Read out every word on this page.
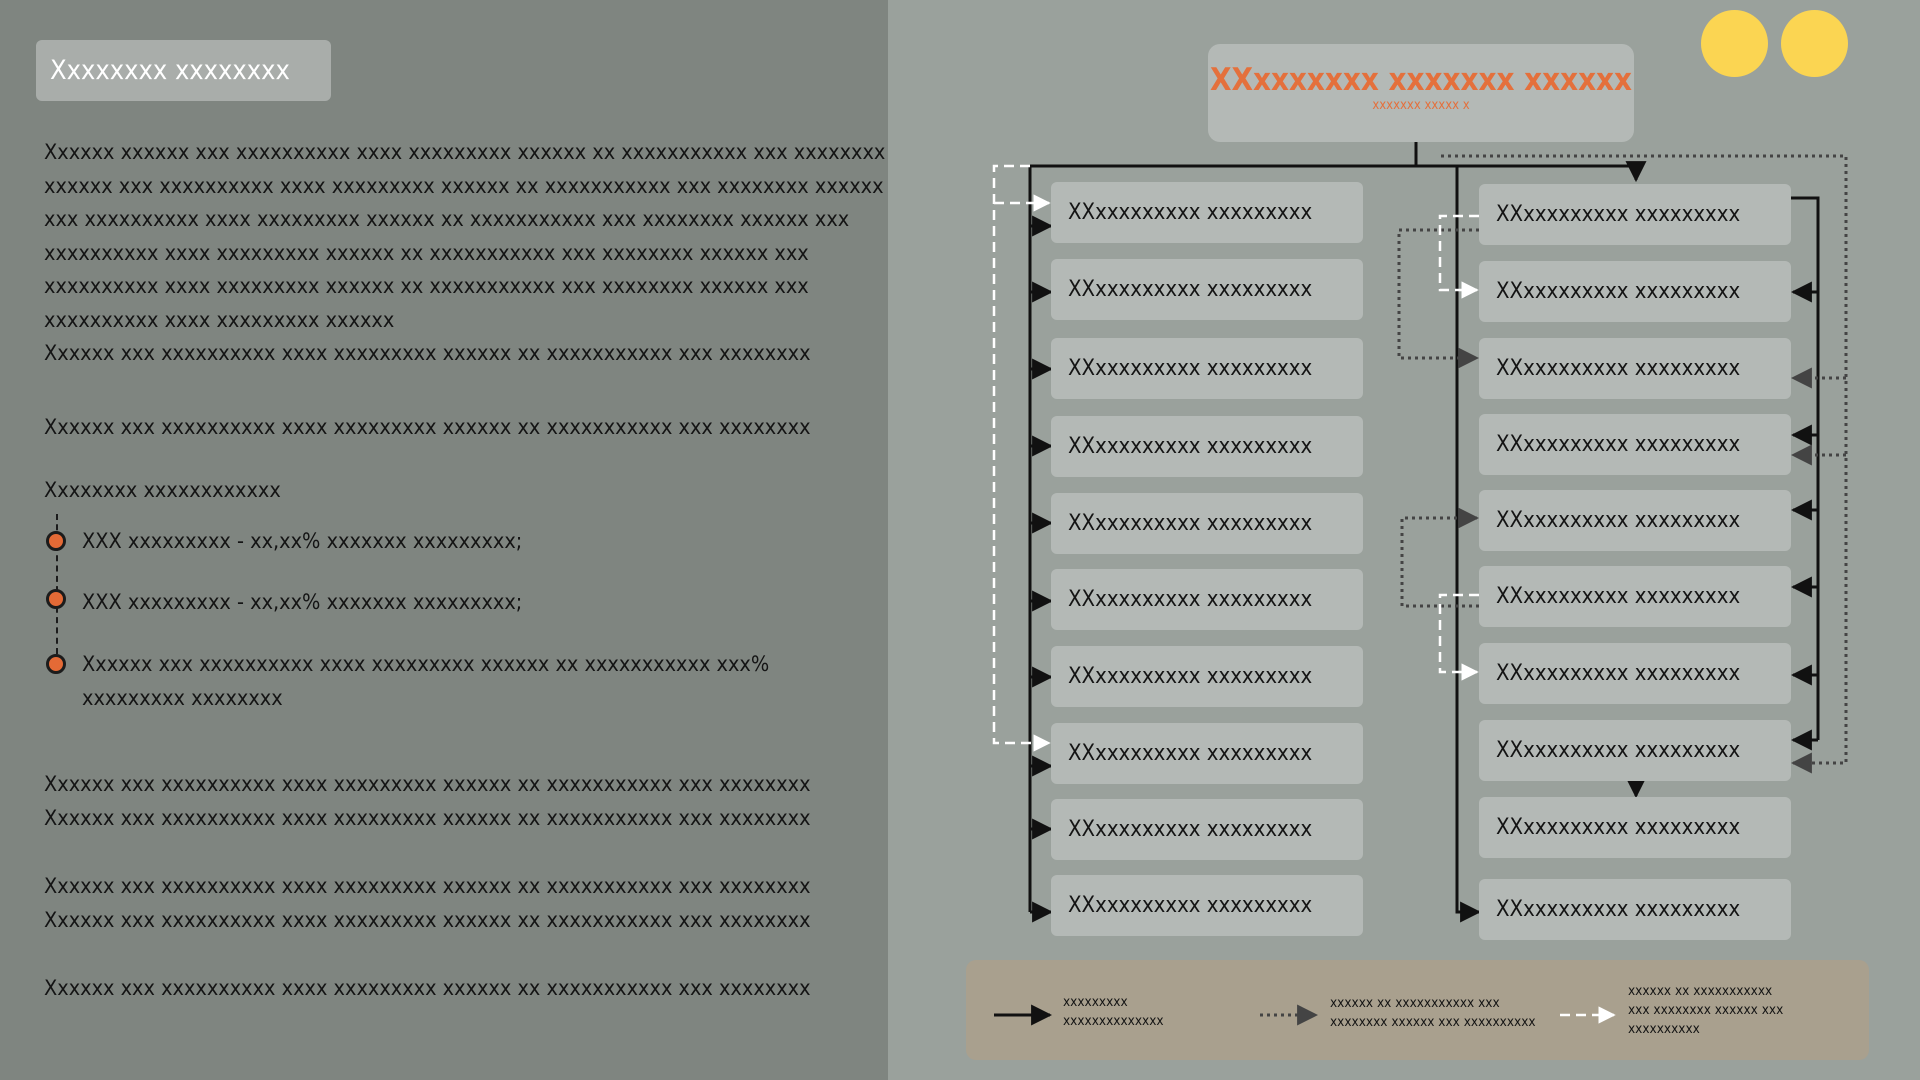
Xxxxxxxx xxxxxxxx
Xxxxxx xxxxxx xxx xxxxxxxxxx xxxx xxxxxxxxx xxxxxx xx xxxxxxxxxxx xxx xxxxxxxx
xxxxxx xxx xxxxxxxxxx xxxx xxxxxxxxx xxxxxx xx xxxxxxxxxxx xxx xxxxxxxx xxxxxx
xxx xxxxxxxxxx xxxx xxxxxxxxx xxxxxx xx xxxxxxxxxxx xxx xxxxxxxx xxxxxx xxx
xxxxxxxxxx xxxx xxxxxxxxx xxxxxx xx xxxxxxxxxxx xxx xxxxxxxx xxxxxx xxx
xxxxxxxxxx xxxx xxxxxxxxx xxxxxx xx xxxxxxxxxxx xxx xxxxxxxx xxxxxx xxx
xxxxxxxxxx xxxx xxxxxxxxx xxxxxx
Xxxxxx xxx xxxxxxxxxx xxxx xxxxxxxxx xxxxxx xx xxxxxxxxxxx xxx xxxxxxxx
Xxxxxx xxx xxxxxxxxxx xxxx xxxxxxxxx xxxxxx xx xxxxxxxxxxx xxx xxxxxxxx
Xxxxxxxx xxxxxxxxxxxx
XXX xxxxxxxxx - xx,xx% xxxxxxx xxxxxxxxx;
XXX xxxxxxxxx - xx,xx% xxxxxxx xxxxxxxxx;
Xxxxxx xxx xxxxxxxxxx xxxx xxxxxxxxx xxxxxx xx xxxxxxxxxxx xxx%
xxxxxxxxx xxxxxxxx
Xxxxxx xxx xxxxxxxxxx xxxx xxxxxxxxx xxxxxx xx xxxxxxxxxxx xxx xxxxxxxx
Xxxxxx xxx xxxxxxxxxx xxxx xxxxxxxxx xxxxxx xx xxxxxxxxxxx xxx xxxxxxxx
Xxxxxx xxx xxxxxxxxxx xxxx xxxxxxxxx xxxxxx xx xxxxxxxxxxx xxx xxxxxxxx
Xxxxxx xxx xxxxxxxxxx xxxx xxxxxxxxx xxxxxx xx xxxxxxxxxxx xxx xxxxxxxx
Xxxxxx xxx xxxxxxxxxx xxxx xxxxxxxxx xxxxxx xx xxxxxxxxxxx xxx xxxxxxxx
XXxxxxxxx xxxxxxx xxxxxx
xxxxxxx xxxxx x
XXxxxxxxxxx xxxxxxxxx
XXxxxxxxxxx xxxxxxxxx
XXxxxxxxxxx xxxxxxxxx
XXxxxxxxxxx xxxxxxxxx
XXxxxxxxxxx xxxxxxxxx
XXxxxxxxxxx xxxxxxxxx
XXxxxxxxxxx xxxxxxxxx
XXxxxxxxxxx xxxxxxxxx
XXxxxxxxxxx xxxxxxxxx
XXxxxxxxxxx xxxxxxxxx
XXxxxxxxxxx xxxxxxxxx
XXxxxxxxxxx xxxxxxxxx
XXxxxxxxxxx xxxxxxxxx
XXxxxxxxxxx xxxxxxxxx
XXxxxxxxxxx xxxxxxxxx
XXxxxxxxxxx xxxxxxxxx
XXxxxxxxxxx xxxxxxxxx
XXxxxxxxxxx xxxxxxxxx
XXxxxxxxxxx xxxxxxxxx
XXxxxxxxxxx xxxxxxxxx
xxxxxxxxx
xxxxxxxxxxxxxx
xxxxxx xx xxxxxxxxxxx xxx
xxxxxxxx xxxxxx xxx xxxxxxxxxx
xxxxxx xx xxxxxxxxxxx
xxx xxxxxxxx xxxxxx xxx
xxxxxxxxxx
